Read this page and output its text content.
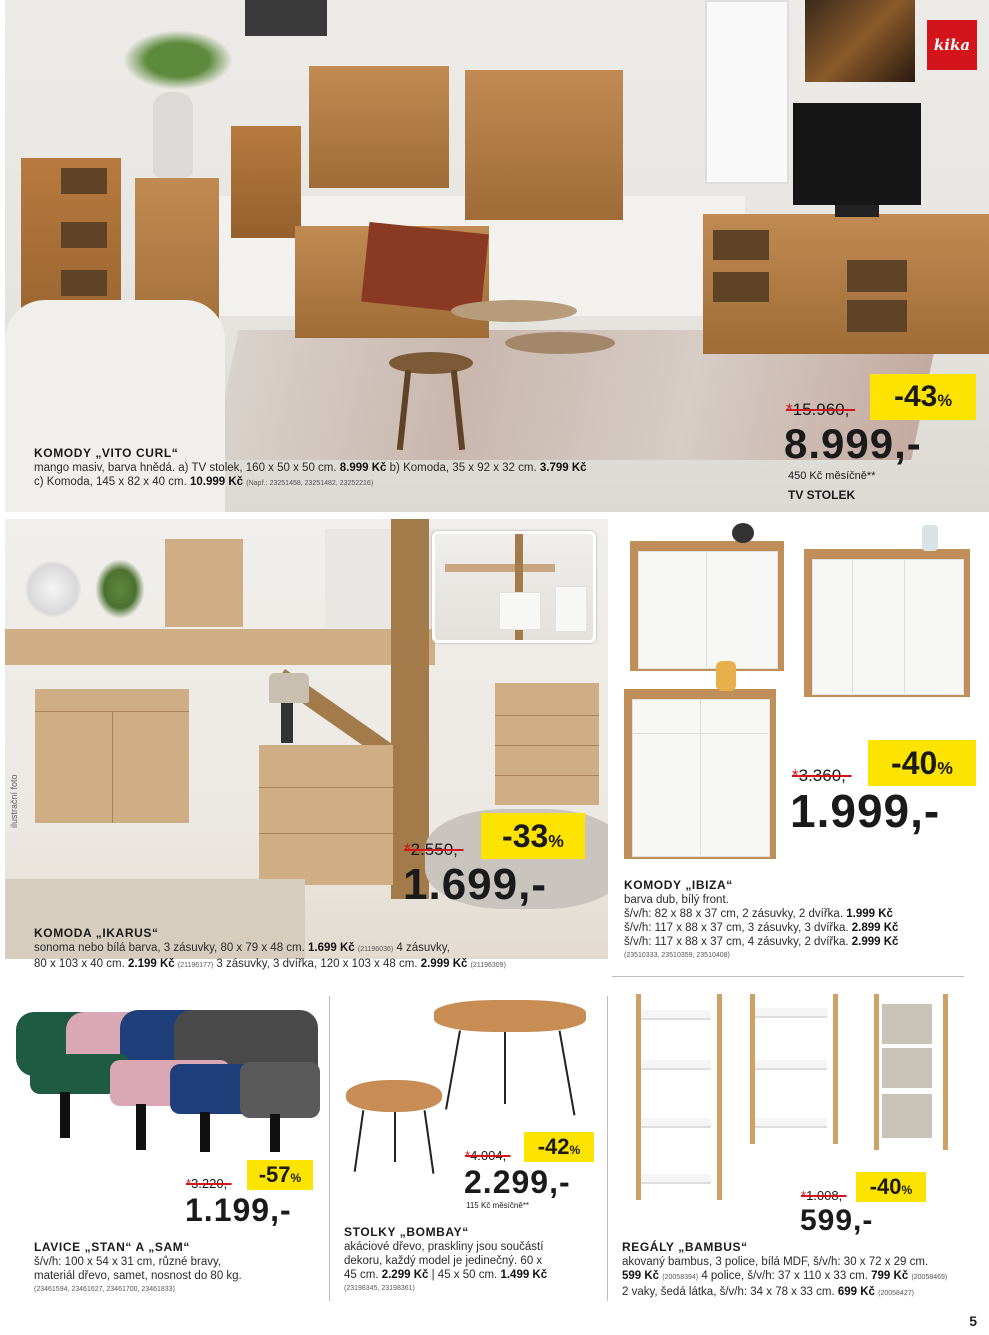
kika
KOMODY „VITO CURL“
mango masiv, barva hnědá. a) TV stolek, 160 x 50 x 50 cm. 8.999 Kč b) Komoda, 35 x 92 x 32 cm. 3.799 Kč
c) Komoda, 145 x 82 x 40 cm. 10.999 Kč (Např.: 23251458, 23251482, 23252216)
-43%
*15.960,-
8.999,-
450 Kč měsíčně**
TV STOLEK
ilustrační foto
-33%
*2.550,-
1.699,-
KOMODA „IKARUS“
sonoma nebo bílá barva, 3 zásuvky, 80 x 79 x 48 cm. 1.699 Kč (21196036) 4 zásuvky,
80 x 103 x 40 cm. 2.199 Kč (21196177) 3 zásuvky, 3 dvířka, 120 x 103 x 48 cm. 2.999 Kč (21196309)
-40%
*3.360,-
1.999,-
KOMODY „IBIZA“
barva dub, bílý front.
š/v/h: 82 x 88 x 37 cm, 2 zásuvky, 2 dvířka. 1.999 Kč
š/v/h: 117 x 88 x 37 cm, 3 zásuvky, 3 dvířka. 2.899 Kč
š/v/h: 117 x 88 x 37 cm, 4 zásuvky, 2 dvířka. 2.999 Kč
(23510333, 23510359, 23510408)
-57%
*3.220,-
1.199,-
LAVICE „STAN“ A „SAM“
š/v/h: 100 x 54 x 31 cm, různé bravy,
materiál dřevo, samet, nosnost do 80 kg.
(23461594, 23461627, 23461700, 23461833)
-42%
*4.004,-
2.299,-
115 Kč měsíčně**
STOLKY „BOMBAY“
akáciové dřevo, praskliny jsou součástí
dekoru, každý model je jedinečný. 60 x
45 cm. 2.299 Kč | 45 x 50 cm. 1.499 Kč
(23198345, 23198361)
-40%
*1.008,-
599,-
REGÁLY „BAMBUS“
akovaný bambus, 3 police, bílá MDF, š/v/h: 30 x 72 x 29 cm.
599 Kč (20058394) 4 police, š/v/h: 37 x 110 x 33 cm. 799 Kč (20058469)
2 vaky, šedá látka, š/v/h: 34 x 78 x 33 cm. 699 Kč (20058427)
5
